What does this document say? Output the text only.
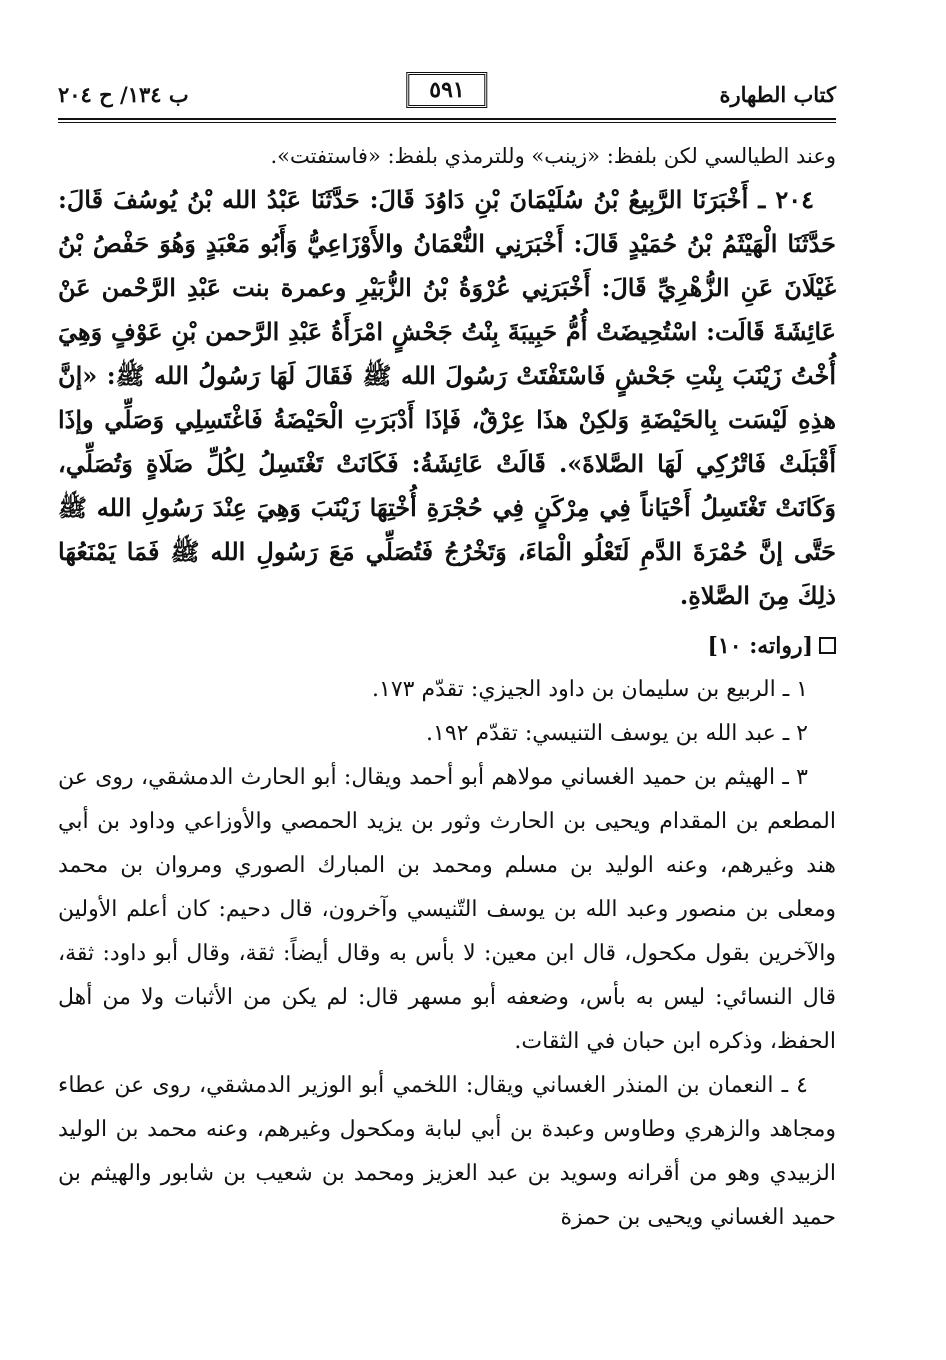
كتاب الطهارة
٥٩١
ب ١٣٤/ ح ٢٠٤

وعند الطيالسي لكن بلفظ: «زينب» وللترمذي بلفظ: «فاستفتت».

٢٠٤ ـ أَخْبَرَنَا الرَّبِيعُ بْنُ سُلَيْمَانَ بْنِ دَاوُدَ قَالَ: حَدَّثَنَا عَبْدُ الله بْنُ يُوسُفَ قَالَ: حَدَّثَنَا الْهَيْثَمُ بْنُ حُمَيْدٍ قَالَ: أَخْبَرَنِي النُّعْمَانُ والأَوْزَاعِيُّ وَأَبُو مَعْبَدٍ وَهُوَ حَفْصُ بْنُ غَيْلَانَ عَنِ الزُّهْرِيِّ قَالَ: أَخْبَرَنِي عُرْوَةُ بْنُ الزُّبَيْرِ وعمرة بنت عَبْدِ الرَّحْمن عَنْ عَائِشَةَ قَالَت: اسْتُحِيضَتْ أُمُّ حَبِيبَةَ بِنْتُ جَحْشٍ امْرَأَةُ عَبْدِ الرَّحمن بْنِ عَوْفٍ وَهِيَ أُخْتُ زَيْنَبَ بِنْتِ جَحْشٍ فَاسْتَفْتَتْ رَسُولَ الله ﷺ فَقَالَ لَهَا رَسُولُ الله ﷺ: «إنَّ هذِهِ لَيْسَت بِالحَيْضَةِ وَلكِنْ هذَا عِرْقٌ، فَإذَا أَدْبَرَتِ الْحَيْضَةُ فَاغْتَسِلِي وَصَلِّي وإذَا أَقْبَلَتْ فَاتْرُكِي لَهَا الصَّلاةَ». قَالَتْ عَائِشَةُ: فَكَانَتْ تَغْتَسِلُ لِكُلِّ صَلَاةٍ وَتُصَلِّي، وَكَانَتْ تَغْتَسِلُ أَحْيَاناً فِي مِرْكَنٍ فِي حُجْرَةِ أُخْتِهَا زَيْنَبَ وَهِيَ عِنْدَ رَسُولِ الله ﷺ حَتَّى إنَّ حُمْرَةَ الدَّمِ لَتَعْلُو الْمَاءَ، وَتَخْرُجُ فَتُصَلِّي مَعَ رَسُولِ الله ﷺ فَمَا يَمْنَعُهَا ذلِكَ مِنَ الصَّلاةِ.

[رواته: ١٠]

١ ـ الربيع بن سليمان بن داود الجيزي: تقدّم ١٧٣.

٢ ـ عبد الله بن يوسف التنيسي: تقدّم ١٩٢.

٣ ـ الهيثم بن حميد الغساني مولاهم أبو أحمد ويقال: أبو الحارث الدمشقي، روى عن المطعم بن المقدام ويحيى بن الحارث وثور بن يزيد الحمصي والأوزاعي وداود بن أبي هند وغيرهم، وعنه الوليد بن مسلم ومحمد بن المبارك الصوري ومروان بن محمد ومعلى بن منصور وعبد الله بن يوسف التّنيسي وآخرون، قال دحيم: كان أعلم الأولين والآخرين بقول مكحول، قال ابن معين: لا بأس به وقال أيضاً: ثقة، وقال أبو داود: ثقة، قال النسائي: ليس به بأس، وضعفه أبو مسهر قال: لم يكن من الأثبات ولا من أهل الحفظ، وذكره ابن حبان في الثقات.

٤ ـ النعمان بن المنذر الغساني ويقال: اللخمي أبو الوزير الدمشقي، روى عن عطاء ومجاهد والزهري وطاوس وعبدة بن أبي لبابة ومكحول وغيرهم، وعنه محمد بن الوليد الزبيدي وهو من أقرانه وسويد بن عبد العزيز ومحمد بن شعيب بن شابور والهيثم بن حميد الغساني ويحيى بن حمزة
